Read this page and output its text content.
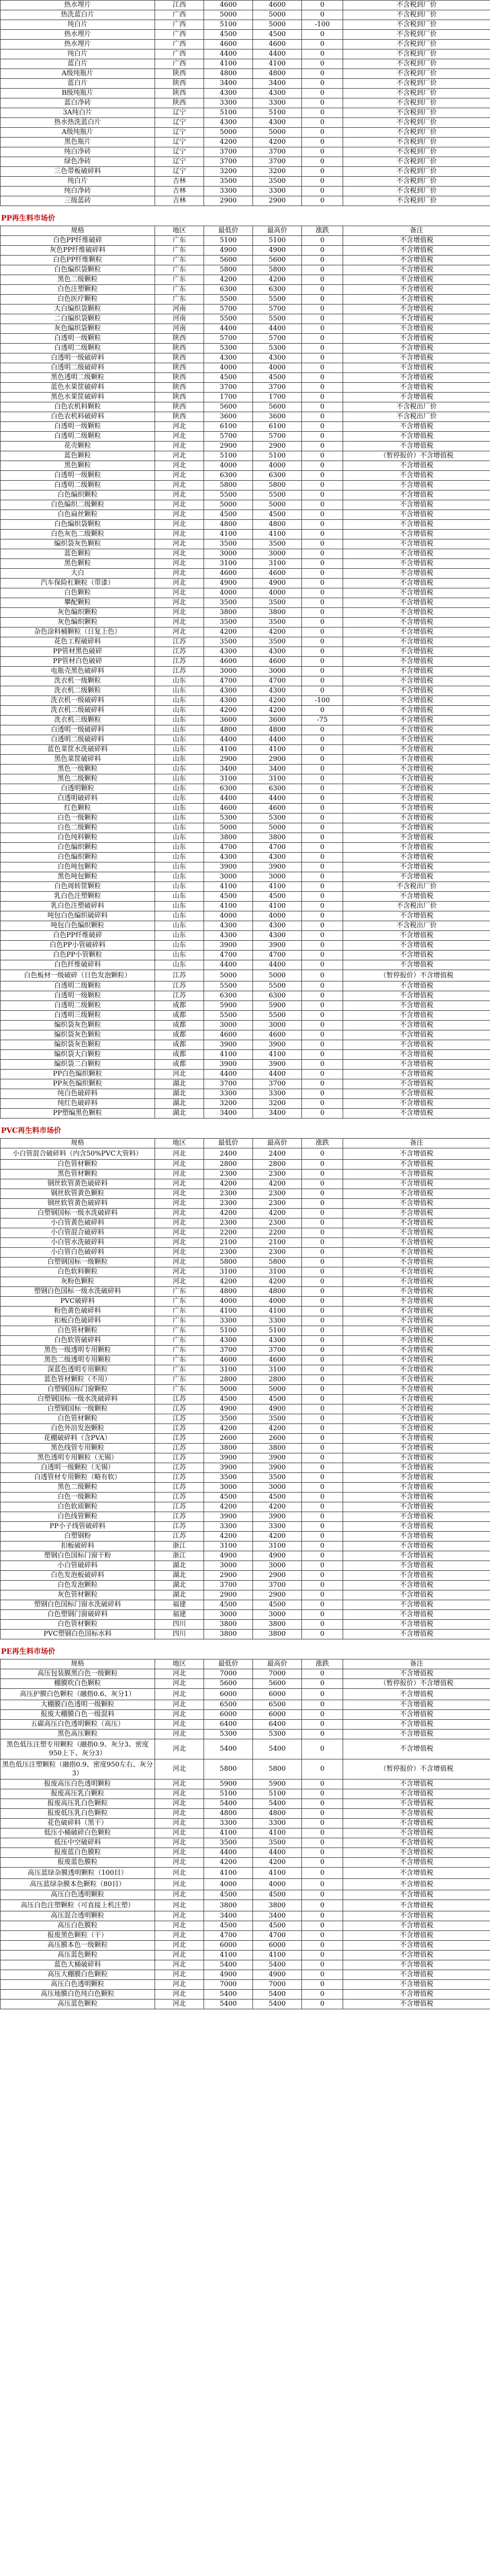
热水埋片	江西	4600	4600	0	不含税到厂价
热洗蓝白片	广西	5000	5000	0	不含税到厂价
纯白片	广西	5100	5000	-100	不含税到厂价
热水埋片	广西	4500	4500	0	不含税到厂价
热水埋片	广西	4600	4600	0	不含税到厂价
纯白片	广西	4400	4400	0	不含税到厂价
蓝白片	广西	4100	4100	0	不含税到厂价
A级纯瓶片	陕西	4800	4800	0	不含税到厂价
蓝白片	陕西	3400	3400	0	不含税到厂价
B级纯瓶片	陕西	4300	4300	0	不含税到厂价
蓝白净砖	陕西	3300	3300	0	不含税到厂价
3A纯白片	辽宁	5100	5100	0	不含税到厂价
热水热洗蓝白片	辽宁	4300	4300	0	不含税到厂价
A级纯瓶片	辽宁	5000	5000	0	不含税到厂价
黑色瓶片	辽宁	4200	4200	0	不含税到厂价
纯白净砖	辽宁	3700	3700	0	不含税到厂价
绿色净砖	辽宁	3700	3700	0	不含税到厂价
三色带板破碎料	辽宁	3200	3200	0	不含税到厂价
纯白片	吉林	3500	3500	0	不含税到厂价
纯白净砖	吉林	3300	3300	0	不含税到厂价
三级蓝砖	吉林	2900	2900	0	不含税到厂价
PP再生料市场价
规格	地区	最低价	最高价	涨跌	备注
白色PP纤维破碎	广东	5100	5100	0	不含增值税
灰色PP纤维破碎料	广东	4900	4900	0	不含增值税
白色PP纤维颗粒	广东	5600	5600	0	不含增值税
白色编织袋颗粒	广东	5800	5800	0	不含增值税
黑色二级颗粒	广东	4200	4200	0	不含增值税
白色注塑颗粒	广东	6300	6300	0	不含增值税
白色医疗颗粒	广东	5500	5500	0	不含增值税
大白编织袋颗粒	河南	5700	5700	0	不含增值税
二白编织袋颗粒	河南	5500	5500	0	不含增值税
灰色编织袋颗粒	河南	4400	4400	0	不含增值税
白透明一级颗粒	陕西	5700	5700	0	不含增值税
白透明二级颗粒	陕西	5300	5300	0	不含增值税
白透明一级破碎料	陕西	4300	4300	0	不含增值税
白透明二级破碎料	陕西	4000	4000	0	不含增值税
黑色透明二级颗粒	陕西	4500	4500	0	不含增值税
蓝色水果筐破碎料	陕西	3700	3700	0	不含增值税
黑色水果筐破碎料	陕西	1700	1700	0	不含增值税
白色农机料颗粒	陕西	5600	5600	0	不含税出厂价
白色农机料破碎料	陕西	3600	3600	0	不含税出厂价
白透明一级颗粒	河北	6100	6100	0	不含增值税
白透明二级颗粒	河北	5700	5700	0	不含增值税
花壳颗粒	河北	2900	2900	0	不含增值税
蓝色颗粒	河北	5100	5100	0	（暂停报价）不含增值税
黑色颗粒	河北	4000	4000	0	不含增值税
白透明一级颗粒	河北	6300	6300	0	不含增值税
白透明二级颗粒	河北	5800	5800	0	不含增值税
白色编织颗粒	河北	5500	5500	0	不含增值税
白色编织二级颗粒	河北	5000	5000	0	不含增值税
白色扁丝颗粒	河北	4500	4500	0	不含增值税
白色编织袋颗粒	河北	4800	4800	0	不含增值税
白色灰色二级颗粒	河北	4100	4100	0	不含增值税
编织袋灰色颗粒	河北	3500	3500	0	不含增值税
蓝色颗粒	河北	3000	3000	0	不含增值税
黑色颗粒	河北	3100	3100	0	不含增值税
大白	河北	4600	4600	0	不含增值税
汽车保险杠颗粒（带漆）	河北	4900	4900	0	不含增值税
白色颗粒	河北	4000	4000	0	不含增值税
攀配颗粒	河北	3500	3500	0	不含增值税
灰色编织颗粒	河北	3800	3800	0	不含增值税
灰色编织颗粒	河北	3500	3500	0	不含增值税
杂色涂料桶颗粒（日复上色）	河北	4200	4200	0	不含增值税
花色工程破碎料	江苏	3500	3500	0	不含增值税
PP管材黑色破碎	江苏	4300	4300	0	不含增值税
PP管材白色破碎	江苏	4600	4600	0	不含增值税
电瓶壳黑色破碎料	江苏	3000	3000	0	不含增值税
洗衣机一级颗粒	山东	4700	4700	0	不含增值税
洗衣机二级颗粒	山东	4300	4300	0	不含增值税
洗衣机一级破碎料	山东	4300	4200	-100	不含增值税
洗衣机二级破碎料	山东	4200	4200	0	不含增值税
洗衣机三级颗粒	山东	3600	3600	-75	不含增值税
白透明一级破碎料	山东	4800	4800	0	不含增值税
白透明二级破碎料	山东	4400	4400	0	不含增值税
蓝色菜筐水洗破碎料	山东	4100	4100	0	不含增值税
黑色菜筐破碎料	山东	2900	2900	0	不含增值税
黑色一级颗粒	山东	3400	3400	0	不含增值税
黑色二级颗粒	山东	3100	3100	0	不含增值税
白透明颗粒	山东	6300	6300	0	不含增值税
白透明破碎料	山东	4400	4400	0	不含增值税
红色颗粒	山东	4600	4600	0	不含增值税
白色一级颗粒	山东	5300	5300	0	不含增值税
白色二级颗粒	山东	5000	5000	0	不含增值税
白色纯料颗粒	山东	3800	3800	0	不含增值税
白色编织颗粒	山东	4700	4700	0	不含增值税
白色编织颗粒	山东	4300	4300	0	不含增值税
白色吨包颗粒	山东	3900	3900	0	不含增值税
黑色吨包颗粒	山东	3000	3000	0	不含增值税
白色周转筐颗粒	山东	4100	4100	0	不含税出厂价
乳白色注塑颗粒	山东	4500	4500	0	不含增值税
乳白色注塑破碎料	山东	4100	4100	0	不含税出厂价
吨包白色编织破碎料	山东	4000	4000	0	不含增值税
吨包白色编织颗粒	山东	4300	4300	0	不含税出厂价
白色PP纤维破碎	山东	4300	4300	0	不含增值税
白色PP小管破碎料	山东	3900	3900	0	不含增值税
白色PP小管颗粒	山东	4700	4700	0	不含增值税
白色纤维破碎料	山东	4400	4400	0	不含增值税
白色板材一级破碎（日色发泡颗粒）	江苏	5000	5000	0	（暂停报价）不含增值税
白透明二级颗粒	江苏	5500	5500	0	不含增值税
白透明一级颗粒	江苏	6300	6300	0	不含增值税
白透明二级颗粒	成都	5900	5900	0	不含增值税
白透明三级颗粒	成都	5500	5500	0	不含增值税
编织袋灰色颗粒	成都	3000	3000	0	不含增值税
编织袋灰色颗粒	成都	4600	4600	0	不含增值税
编织袋灰色颗粒	成都	3900	3900	0	不含增值税
编织袋大白颗粒	成都	4100	4100	0	不含增值税
编织袋二白颗粒	成都	3900	3900	0	不含增值税
PP白色编织颗粒	河北	4400	4400	0	不含增值税
PP灰色编织颗粒	湖北	3700	3700	0	不含增值税
纯白色破碎料	湖北	3300	3300	0	不含增值税
纯红色破碎料	湖北	3200	3200	0	不含增值税
PP塑编黑色颗粒	湖北	3400	3400	0	不含增值税
PVC再生料市场价
规格	地区	最低价	最高价	涨跌	备注
小白管混合破碎料（内含50%PVC大管料）	河北	2400	2400	0	不含增值税
白色管材颗粒	河北	2800	2800	0	不含增值税
黑色管材颗粒	河北	2300	2300	0	不含增值税
钢丝软管黄色破碎料	河北	4200	4200	0	不含增值税
钢丝软管黄色颗粒	河北	2300	2300	0	不含增值税
钢丝软管黄色破碎料	河北	2300	2300	0	不含增值税
白塑钢国标一级水洗破碎料	河北	4200	4200	0	不含增值税
小白管黄色破碎料	河北	2300	2300	0	不含增值税
小白管混合破碎料	河北	2200	2200	0	不含增值税
小白管水洗破碎料	河北	2100	2100	0	不含增值税
小白管白色破碎料	河北	2300	2300	0	不含增值税
白塑钢国标一级颗粒	河北	5800	5800	0	不含增值税
白色软料颗粒	河北	3100	3100	0	不含增值税
灰粉色颗粒	河北	4200	4200	0	不含增值税
塑钢白色国标一级水洗破碎料	广东	4800	4800	0	不含增值税
PVC破碎料	广东	4000	4000	0	不含增值税
粉色黄色破碎料	广东	4100	4100	0	不含增值税
扣板白色破碎料	广东	3300	3300	0	不含增值税
白色管材颗粒	广东	5100	5100	0	不含增值税
白色软管破碎料	广东	4300	4300	0	不含增值税
黑色一级透明专用颗粒	广东	3700	3700	0	不含增值税
黑色二级透明专用颗粒	广东	4600	4600	0	不含增值税
深蓝色透明专用颗粒	广东	3100	3100	0	不含增值税
蓝色管材颗粒（不用）	广东	2800	2800	0	不含增值税
白塑钢国标门窗颗粒	广东	5000	5000	0	不含增值税
白塑钢国标一级水洗破碎料	江苏	4500	4500	0	不含增值税
白塑钢国标一级颗粒	江苏	4900	4900	0	不含增值税
白色管材颗粒	江苏	3500	3500	0	不含增值税
白色外沿发泡颗粒	江苏	4200	4200	0	不含增值税
花棚破碎料（含PVA）	江苏	2600	2600	0	不含增值税
黑色线管专用颗粒	江苏	3800	3800	0	不含增值税
黑色透明专用颗粒（无锡）	江苏	3900	3900	0	不含增值税
白透明一级颗粒（无锡）	江苏	3900	3900	0	不含增值税
白透管材专用颗粒（略有软）	江苏	3500	3500	0	不含增值税
黑色二级颗粒	江苏	3000	3000	0	不含增值税
白色一级颗粒	江苏	4500	4500	0	不含增值税
白色软质颗粒	江苏	4200	4200	0	不含增值税
白色线管颗粒	江苏	3900	3900	0	不含增值税
PP小子线管破碎料	江苏	3300	3300	0	不含增值税
白塑钢粉	江苏	4200	4200	0	不含增值税
扣板破碎料	浙江	3100	3100	0	不含增值税
塑钢白色国标门窗干粉	浙江	4900	4900	0	不含增值税
小白管破碎料	湖北	3000	3000	0	不含增值税
白色发泡板破碎料	湖北	2900	2900	0	不含增值税
白色发泡颗粒	湖北	3700	3700	0	不含增值税
灰色管材颗粒	湖北	2900	2900	0	不含增值税
塑钢白色国标门窗水洗破碎料	福建	4500	4500	0	不含增值税
白色塑钢门窗破碎料	福建	3000	3000	0	不含增值税
白色管材颗粒	四川	3800	3800	0	不含增值税
PVC塑钢白色国标水料	四川	3800	3800	0	不含增值税
PE再生料市场价
规格	地区	最低价	最高价	涨跌	备注
高压包装膜黑白色一级颗粒	河北	7000	7000	0	不含增值税
棚膜吹白色颗粒	河北	5600	5600	0	（暂停报价）不含增值税
高压护膜白色颗粒（融指0.6、灰分1）	河北	6000	6000	0	不含增值税
大棚膜白色透明一级颗粒	河北	6500	6500	0	不含增值税
报废大棚膜白色一级混料	河北	6000	6000	0	不含增值税
五碳高压白色透明颗粒（高压）	河北	6400	6400	0	不含增值税
黑色高压颗粒	河北	5300	5300	0	不含增值税
黑色低压注塑专用颗粒（融指0.9、灰分3、密度950上下、灰分3）	河北	5400	5400	0	不含增值税
黑色低压注塑颗粒（融指0.9、密度950左右、灰分3）	河北	5800	5800	0	（暂停报价）不含增值税
报废高压白色透明颗粒	河北	5900	5900	0	不含增值税
报废高压乳白颗粒	河北	5100	5100	0	不含增值税
报废高压乳白色颗粒	河北	5400	5400	0	不含增值税
报废低压乳白色颗粒	河北	4800	4800	0	不含增值税
花色破碎料（黑干）	河北	3300	3300	0	不含增值税
低压小桶破碎白色颗粒	河北	4100	4100	0	不含增值税
低压中空破碎料	河北	3500	3500	0	不含增值税
报废蓝白色膜粒	河北	4400	4400	0	不含增值税
报废蓝色膜粒	河北	4200	4200	0	不含增值税
高压蓝绿杂膜透明颗粒（100目）	河北	4100	4100	0	不含增值税
高压蓝绿杂膜本色颗粒（80目）	河北	4000	4000	0	不含增值税
高压白色透明颗粒	河北	4500	4500	0	不含增值税
高压白色注塑颗粒（可直接上机注塑）	河北	3800	3800	0	不含增值税
高压混合透明颗粒	河北	3400	3400	0	不含增值税
高压白色膜粒	河北	4500	4500	0	不含增值税
报废黑色颗粒（干）	河北	4700	4700	0	不含增值税
高压膜本色一级颗粒	河北	6000	6000	0	不含增值税
高压蓝色颗粒	河北	4100	4100	0	不含增值税
蓝色大桶破碎料	河北	5400	5400	0	不含增值税
高压大棚膜白色颗粒	河北	4900	4900	0	不含增值税
高压白色透明颗粒	河北	7000	7000	0	不含增值税
高压地膜白色纯白色颗粒	河北	5400	5400	0	不含增值税
高压蓝色颗粒	河北	5400	5400	0	不含增值税
